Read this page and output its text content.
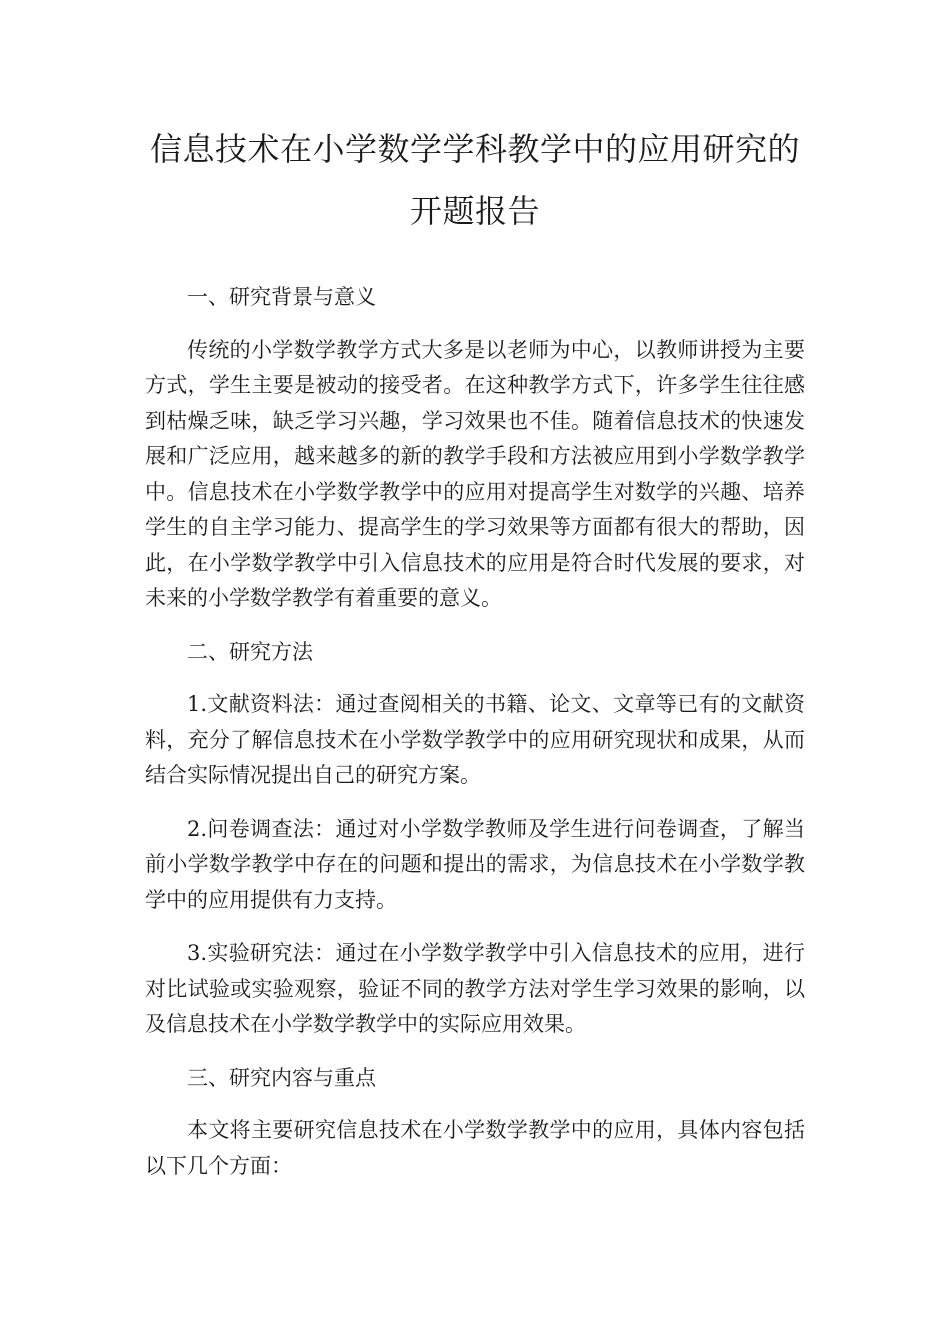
信息技术在小学数学学科教学中的应用研究的开题报告

一、研究背景与意义

传统的小学数学教学方式大多是以老师为中心，以教师讲授为主要方式，学生主要是被动的接受者。在这种教学方式下，许多学生往往感到枯燥乏味，缺乏学习兴趣，学习效果也不佳。随着信息技术的快速发展和广泛应用，越来越多的新的教学手段和方法被应用到小学数学教学中。信息技术在小学数学教学中的应用对提高学生对数学的兴趣、培养学生的自主学习能力、提高学生的学习效果等方面都有很大的帮助，因此，在小学数学教学中引入信息技术的应用是符合时代发展的要求，对未来的小学数学教学有着重要的意义。

二、研究方法

1.文献资料法：通过查阅相关的书籍、论文、文章等已有的文献资料，充分了解信息技术在小学数学教学中的应用研究现状和成果，从而结合实际情况提出自己的研究方案。

2.问卷调查法：通过对小学数学教师及学生进行问卷调查，了解当前小学数学教学中存在的问题和提出的需求，为信息技术在小学数学教学中的应用提供有力支持。

3.实验研究法：通过在小学数学教学中引入信息技术的应用，进行对比试验或实验观察，验证不同的教学方法对学生学习效果的影响，以及信息技术在小学数学教学中的实际应用效果。

三、研究内容与重点

本文将主要研究信息技术在小学数学教学中的应用，具体内容包括以下几个方面：
